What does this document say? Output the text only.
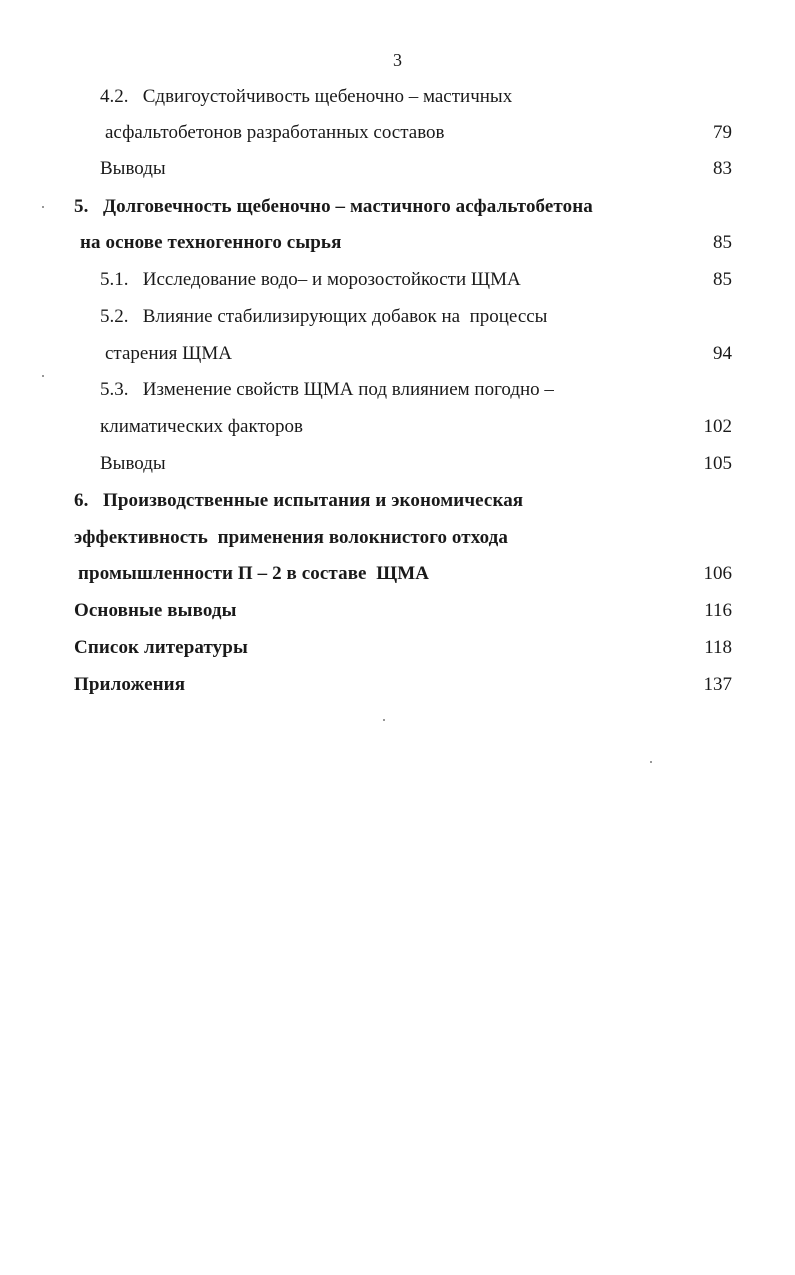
3
4.2.   Сдвигоустойчивость щебеночно – мастичных
асфальтобетонов разработанных составов	79
Выводы	83
5.   Долговечность щебеночно – мастичного асфальтобетона
на основе техногенного сырья	85
5.1.   Исследование водо– и морозостойкости ЩМА	85
5.2.   Влияние стабилизирующих добавок на  процессы
старения ЩМА	94
5.3.   Изменение свойств ЩМА под влиянием погодно –
климатических факторов	102
Выводы	105
6.   Производственные испытания и экономическая
эффективность  применения волокнистого отхода
промышленности П – 2 в составе  ЩМА	106
Основные выводы	116
Список литературы	118
Приложения	137
